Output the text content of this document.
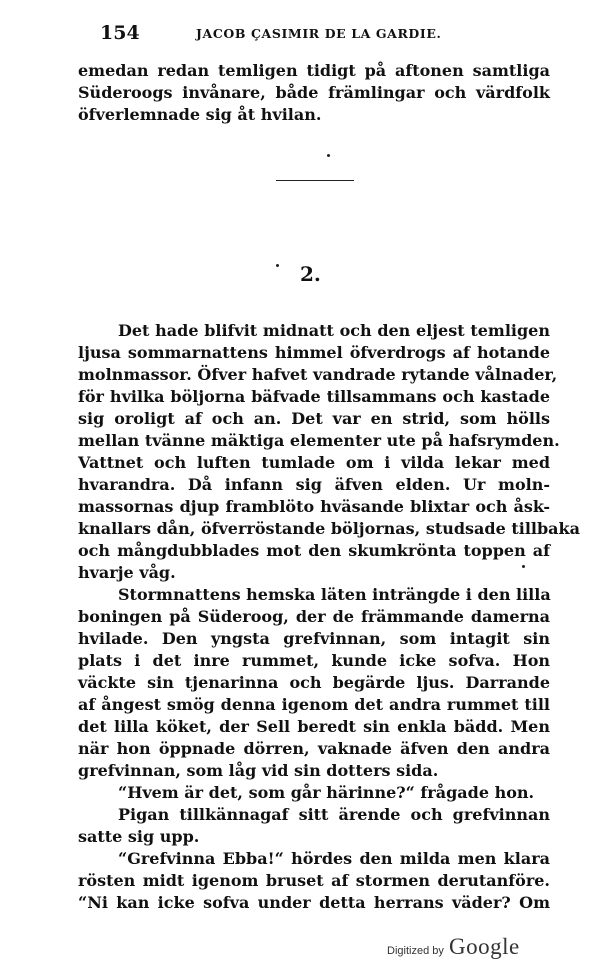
154	JACOB ÇASIMIR DE LA GARDIE.
emedan redan temligen tidigt på aftonen samtliga
Süderoogs invånare, både främlingar och värdfolk
öfverlemnade sig åt hvilan.
2.
Det hade blifvit midnatt och den eljest temligen
ljusa sommarnattens himmel öfverdrogs af hotande
molnmassor. Öfver hafvet vandrade rytande vålnader,
för hvilka böljorna bäfvade tillsammans och kastade
sig oroligt af och an. Det var en strid, som hölls
mellan tvänne mäktiga elementer ute på hafsrymden.
Vattnet och luften tumlade om i vilda lekar med
hvarandra. Då infann sig äfven elden. Ur moln-
massornas djup framblöto hväsande blixtar och åsk-
knallars dån, öfverröstande böljornas, studsade tillbaka
och mångdubblades mot den skumkrönta toppen af
hvarje våg.
Stormnattens hemska läten inträngde i den lilla
boningen på Süderoog, der de främmande damerna
hvilade. Den yngsta grefvinnan, som intagit sin
plats i det inre rummet, kunde icke sofva. Hon
väckte sin tjenarinna och begärde ljus. Darrande
af ångest smög denna igenom det andra rummet till
det lilla köket, der Sell beredt sin enkla bädd. Men
när hon öppnade dörren, vaknade äfven den andra
grefvinnan, som låg vid sin dotters sida.
“Hvem är det, som går härinne?“ frågade hon.
Pigan tillkännagaf sitt ärende och grefvinnan
satte sig upp.
“Grefvinna Ebba!“ hördes den milda men klara
rösten midt igenom bruset af stormen derutanföre.
“Ni kan icke sofva under detta herrans väder? Om
Digitized by Google
